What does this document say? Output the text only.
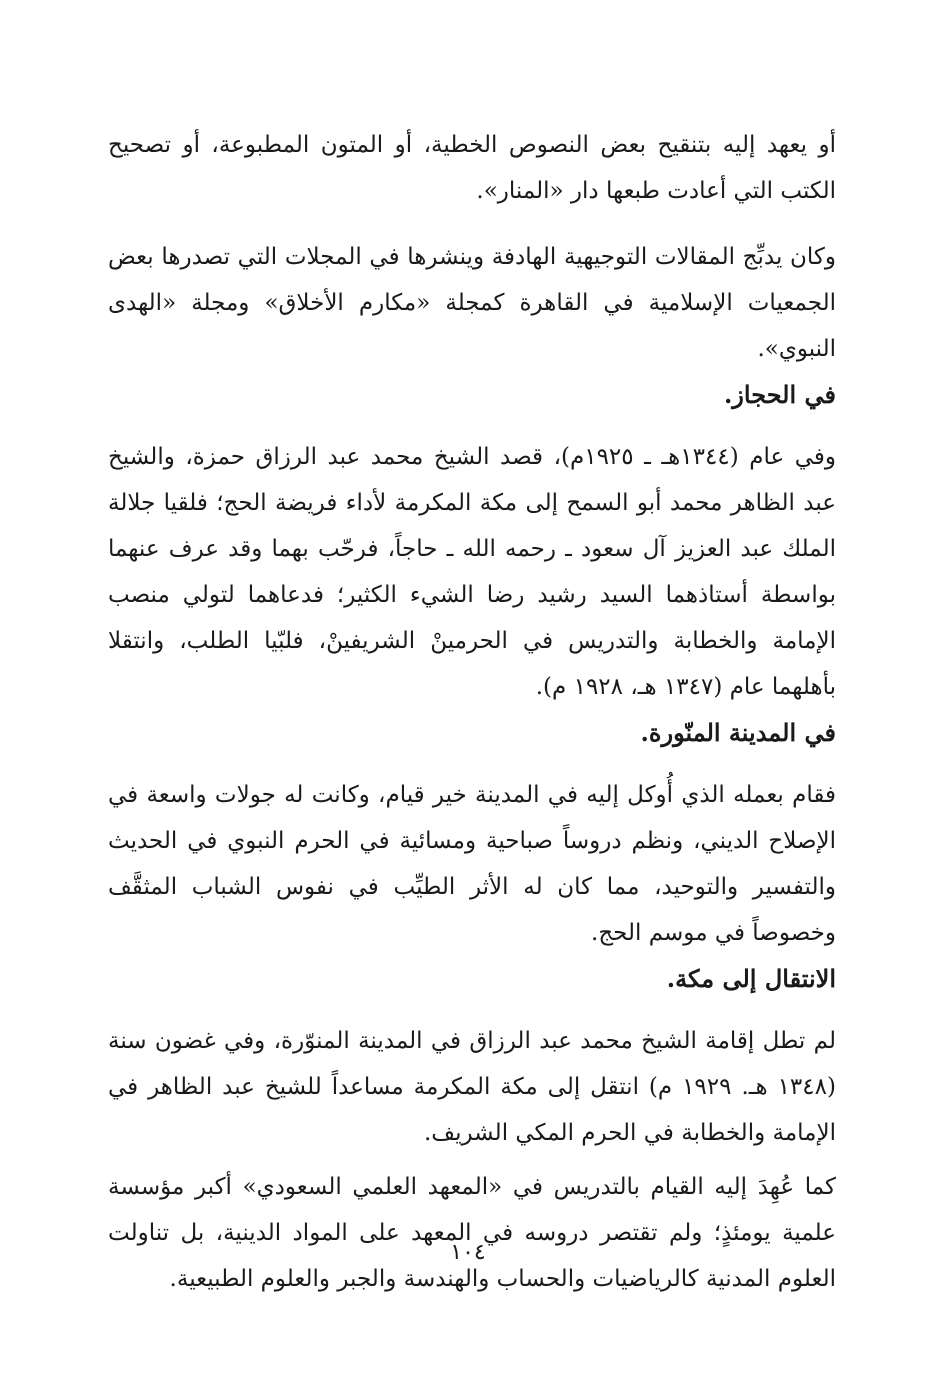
أو يعهد إليه بتنقيح بعض النصوص الخطية، أو المتون المطبوعة، أو تصحيح الكتب التي أعادت طبعها دار «المنار».

وكان يدبِّج المقالات التوجيهية الهادفة وينشرها في المجلات التي تصدرها بعض الجمعيات الإسلامية في القاهرة كمجلة «مكارم الأخلاق» ومجلة «الهدى النبوي».

في الحجاز.

وفي عام (١٣٤٤هـ ـ ١٩٢٥م)، قصد الشيخ محمد عبد الرزاق حمزة، والشيخ عبد الظاهر محمد أبو السمح إلى مكة المكرمة لأداء فريضة الحج؛ فلقيا جلالة الملك عبد العزيز آل سعود ـ رحمه الله ـ حاجاً، فرحّب بهما وقد عرف عنهما بواسطة أستاذهما السيد رشيد رضا الشيء الكثير؛ فدعاهما لتولي منصب الإمامة والخطابة والتدريس في الحرمينْ الشريفينْ، فلبّيا الطلب، وانتقلا بأهلهما عام (١٣٤٧ هـ، ١٩٢٨ م).

في المدينة المنّورة.

فقام بعمله الذي أُوكل إليه في المدينة خير قيام، وكانت له جولات واسعة في الإصلاح الديني، ونظم دروساً صباحية ومسائية في الحرم النبوي في الحديث والتفسير والتوحيد، مما كان له الأثر الطيِّب في نفوس الشباب المثقَّف وخصوصاً في موسم الحج.

الانتقال إلى مكة.

لم تطل إقامة الشيخ محمد عبد الرزاق في المدينة المنوّرة، وفي غضون سنة (١٣٤٨ هـ. ١٩٢٩ م) انتقل إلى مكة المكرمة مساعداً للشيخ عبد الظاهر في الإمامة والخطابة في الحرم المكي الشريف.

كما عُهِدَ إليه القيام بالتدريس في «المعهد العلمي السعودي» أكبر مؤسسة علمية يومئذٍ؛ ولم تقتصر دروسه في المعهد على المواد الدينية، بل تناولت العلوم المدنية كالرياضيات والحساب والهندسة والجبر والعلوم الطبيعية.

١٠٤
